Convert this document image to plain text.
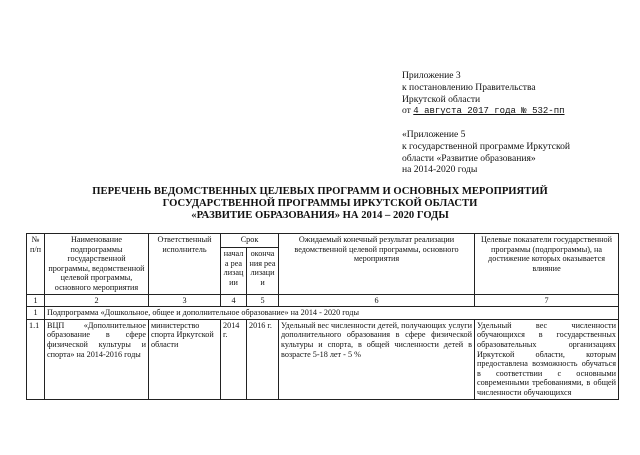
Приложение 3
к постановлению Правительства
Иркутской области
от 4 августа 2017 года № 532-пп
«Приложение 5
к государственной программе Иркутской
области «Развитие образования»
на 2014-2020 годы
ПЕРЕЧЕНЬ ВЕДОМСТВЕННЫХ ЦЕЛЕВЫХ ПРОГРАММ И ОСНОВНЫХ МЕРОПРИЯТИЙ
ГОСУДАРСТВЕННОЙ ПРОГРАММЫ ИРКУТСКОЙ ОБЛАСТИ
«РАЗВИТИЕ ОБРАЗОВАНИЯ» НА 2014 – 2020 ГОДЫ
№ п/п	Наименование подпрограммы государственной программы, ведомственной целевой программы, основного мероприятия	Ответственный исполнитель	Срок		Ожидаемый конечный результат реализации ведомственной целевой программы, основного мероприятия	Целевые показатели государственной программы (подпрограммы), на достижение которых оказывается влияние
			начала реализации	окончания реализации		
1	2	3	4	5	6	7
1	Подпрограмма «Дошкольное, общее и дополнительное образование» на 2014 - 2020 годы					
1.1	ВЦП «Дополнительное образование в сфере физической культуры и спорта» на 2014-2016 годы	министерство спорта Иркутской области	2014 г.	2016 г.	Удельный вес численности детей, получающих услуги дополнительного образования в сфере физической культуры и спорта, в общей численности детей в возрасте 5-18 лет - 5 %	Удельный вес численности обучающихся в государственных образовательных организациях Иркутской области, которым предоставлена возможность обучаться в соответствии с основными современными требованиями, в общей численности обучающихся
